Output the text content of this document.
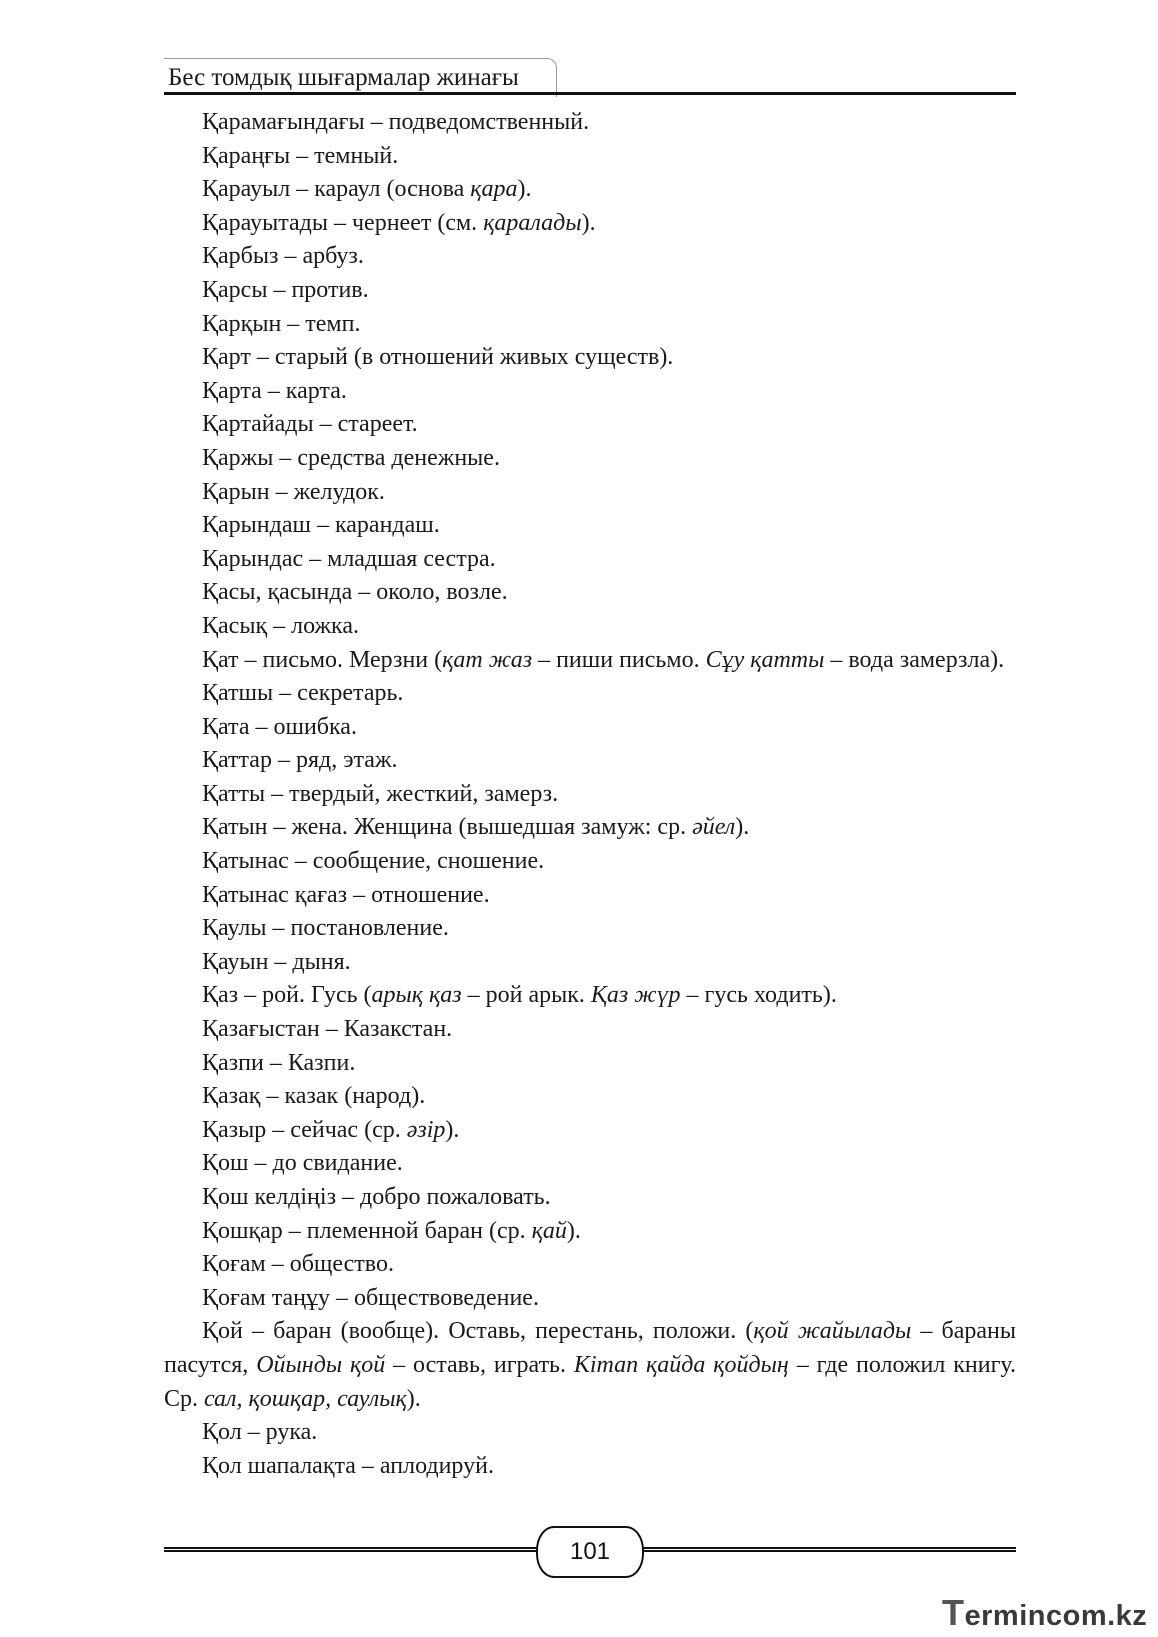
Бес томдық шығармалар жинағы

Қарамағындағы – подведомственный.

Қараңғы – темный.

Қарауыл – караул (основа қара).

Қарауытады – чернеет (см. қаралады).

Қарбыз – арбуз.

Қарсы – против.

Қарқын – темп.

Қарт – старый (в отношений живых существ).

Қарта – карта.

Қартайады – стареет.

Қаржы – средства денежные.

Қарын – желудок.

Қарындаш – карандаш.

Қарындас – младшая сестра.

Қасы, қасында – около, возле.

Қасық – ложка.

Қат – письмо. Мерзни (қат жаз – пиши письмо. Сұу қатты – вода замерзла).

Қатшы – секретарь.

Қата – ошибка.

Қаттар – ряд, этаж.

Қатты – твердый, жесткий, замерз.

Қатын – жена. Женщина (вышедшая замуж: ср. әйел).

Қатынас – сообщение, сношение.

Қатынас қағаз – отношение.

Қаулы – постановление.

Қауын – дыня.

Қаз – рой. Гусь (арық қаз – рой арык. Қаз жүр – гусь ходить).

Қазағыстан – Казакстан.

Қазпи – Казпи.

Қазақ – казак (народ).

Қазыр – сейчас (ср. әзір).

Қош – до свидание.

Қош келдіңіз – добро пожаловать.

Қошқар – племенной баран (ср. қай).

Қоғам – общество.

Қоғам таңұу – обществоведение.

Қой – баран (вообще). Оставь, перестань, положи. (қой жайылады – бараны пасутся, Ойынды қой – оставь, играть. Кітап қайда қойдың – где положил книгу. Ср. сал, қошқар, саулық).

Қол – рука.

Қол шапалақта – аплодируй.

101
Termincom.kz
